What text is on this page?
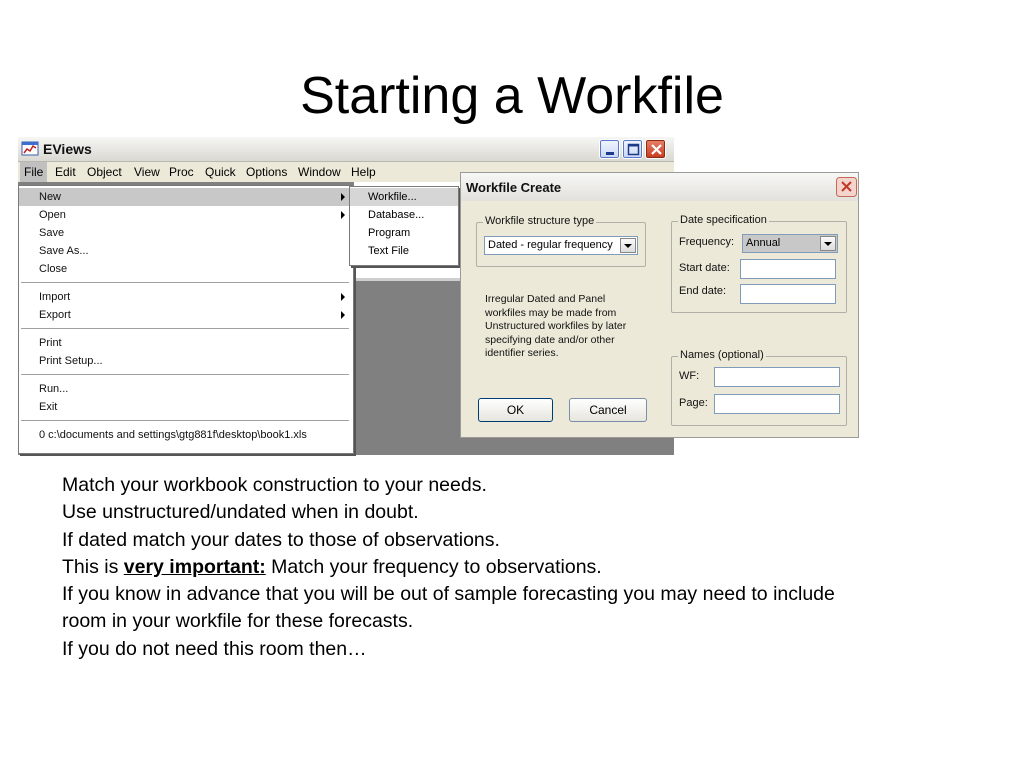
Starting a Workfile
EViews
File Edit Object	View Proc Quick Options Window Help
New
Open
Save
Save As...
Close
Import
Export
Print
Print Setup...
Run...
Exit
0 c:\documents and settings\gtg881f\desktop\book1.xls
Workfile...
Database...
Program
Text File
Workfile Create
Workfile structure type
Dated - regular frequency
Irregular Dated and Panel workfiles may be made from Unstructured workfiles by later specifying date and/or other identifier series.
Date specification
Frequency: Annual
Start date:
End date:
Names (optional)
WF:
Page:
OK	Cancel

Match your workbook construction to your needs.

Use unstructured/undated when in doubt.

If dated match your dates to those of observations.

This is very important: Match your frequency to observations.

If you know in advance that you will be out of sample forecasting you may need to include room in your workfile for these forecasts.

If you do not need this room then…
